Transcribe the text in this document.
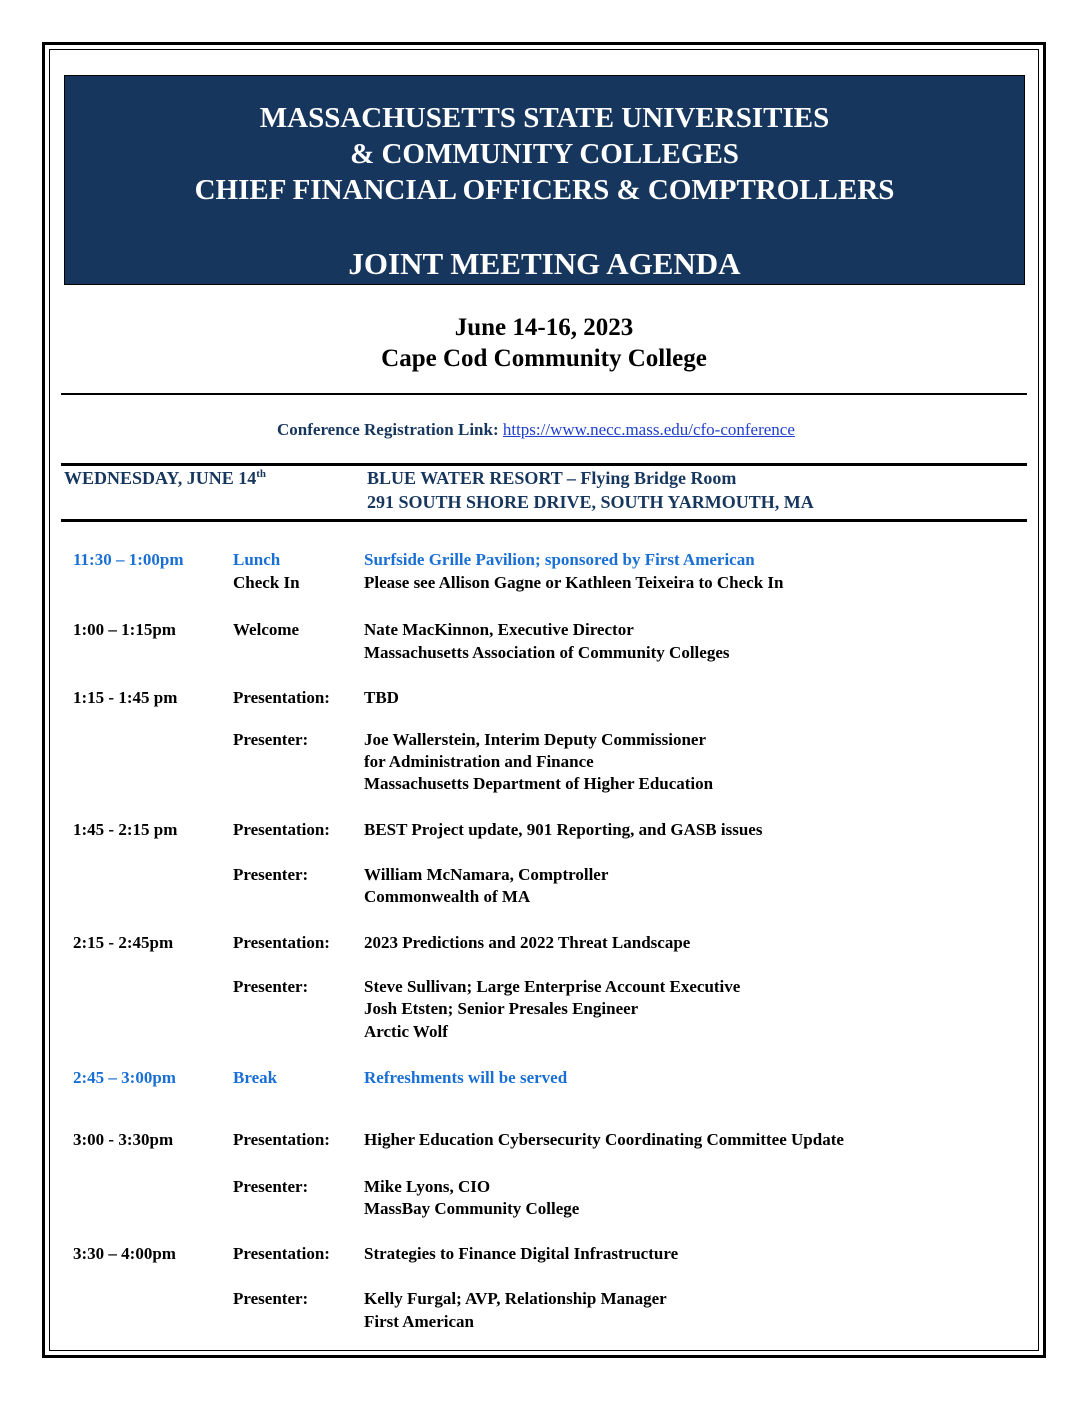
MASSACHUSETTS STATE UNIVERSITIES
& COMMUNITY COLLEGES
CHIEF FINANCIAL OFFICERS & COMPTROLLERS
JOINT MEETING AGENDA
June 14-16, 2023
Cape Cod Community College
Conference Registration Link: https://www.necc.mass.edu/cfo-conference
WEDNESDAY, JUNE 14th	BLUE WATER RESORT – Flying Bridge Room
291 SOUTH SHORE DRIVE, SOUTH YARMOUTH, MA
11:30 – 1:00pm	Lunch	Surfside Grille Pavilion; sponsored by First American
Check In	Please see Allison Gagne or Kathleen Teixeira to Check In
1:00 – 1:15pm	Welcome	Nate MacKinnon, Executive Director
Massachusetts Association of Community Colleges
1:15 - 1:45 pm	Presentation: TBD
Presenter:	Joe Wallerstein, Interim Deputy Commissioner
for Administration and Finance
Massachusetts Department of Higher Education
1:45 - 2:15 pm	Presentation: BEST Project update, 901 Reporting, and GASB issues
Presenter:	William McNamara, Comptroller
Commonwealth of MA
2:15 - 2:45pm	Presentation: 2023 Predictions and 2022 Threat Landscape
Presenter:	Steve Sullivan; Large Enterprise Account Executive
Josh Etsten; Senior Presales Engineer
Arctic Wolf
2:45 – 3:00pm	Break	Refreshments will be served
3:00 - 3:30pm	Presentation: Higher Education Cybersecurity Coordinating Committee Update
Presenter:	Mike Lyons, CIO
MassBay Community College
3:30 – 4:00pm	Presentation: Strategies to Finance Digital Infrastructure
Presenter:	Kelly Furgal; AVP, Relationship Manager
First American
